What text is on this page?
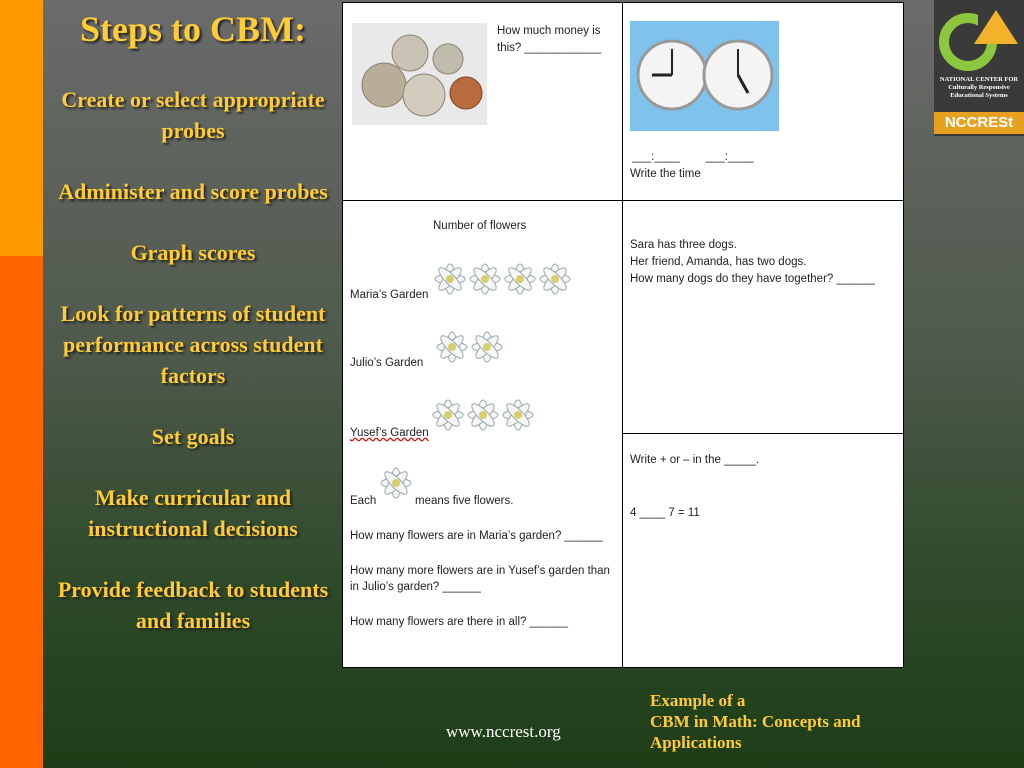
Steps to CBM:
Create or select appropriate probes
Administer and score probes
Graph scores
Look for patterns of student performance across student factors
Set goals
Make curricular and instructional decisions
Provide feedback to students and families
NATIONAL CENTER FOR
Culturally Responsive
Educational Systems
NCCRESt

How much money is
this? ____________

___:____        ___:____

Write the time

Number of flowers

Maria’s Garden

Julio’s Garden

Yusef’s Garden

Each	means five flowers.

How many flowers are in Maria’s garden? ______

How many more flowers are in Yusef’s garden than
in Julio’s garden? ______

How many flowers are there in all? ______

Sara has three dogs.
Her friend, Amanda, has two dogs.
How many dogs do they have together? ______

Write + or – in the _____.

4 ____ 7 = 11

www.nccrest.org

Example of a
CBM in Math: Concepts and
Applications
